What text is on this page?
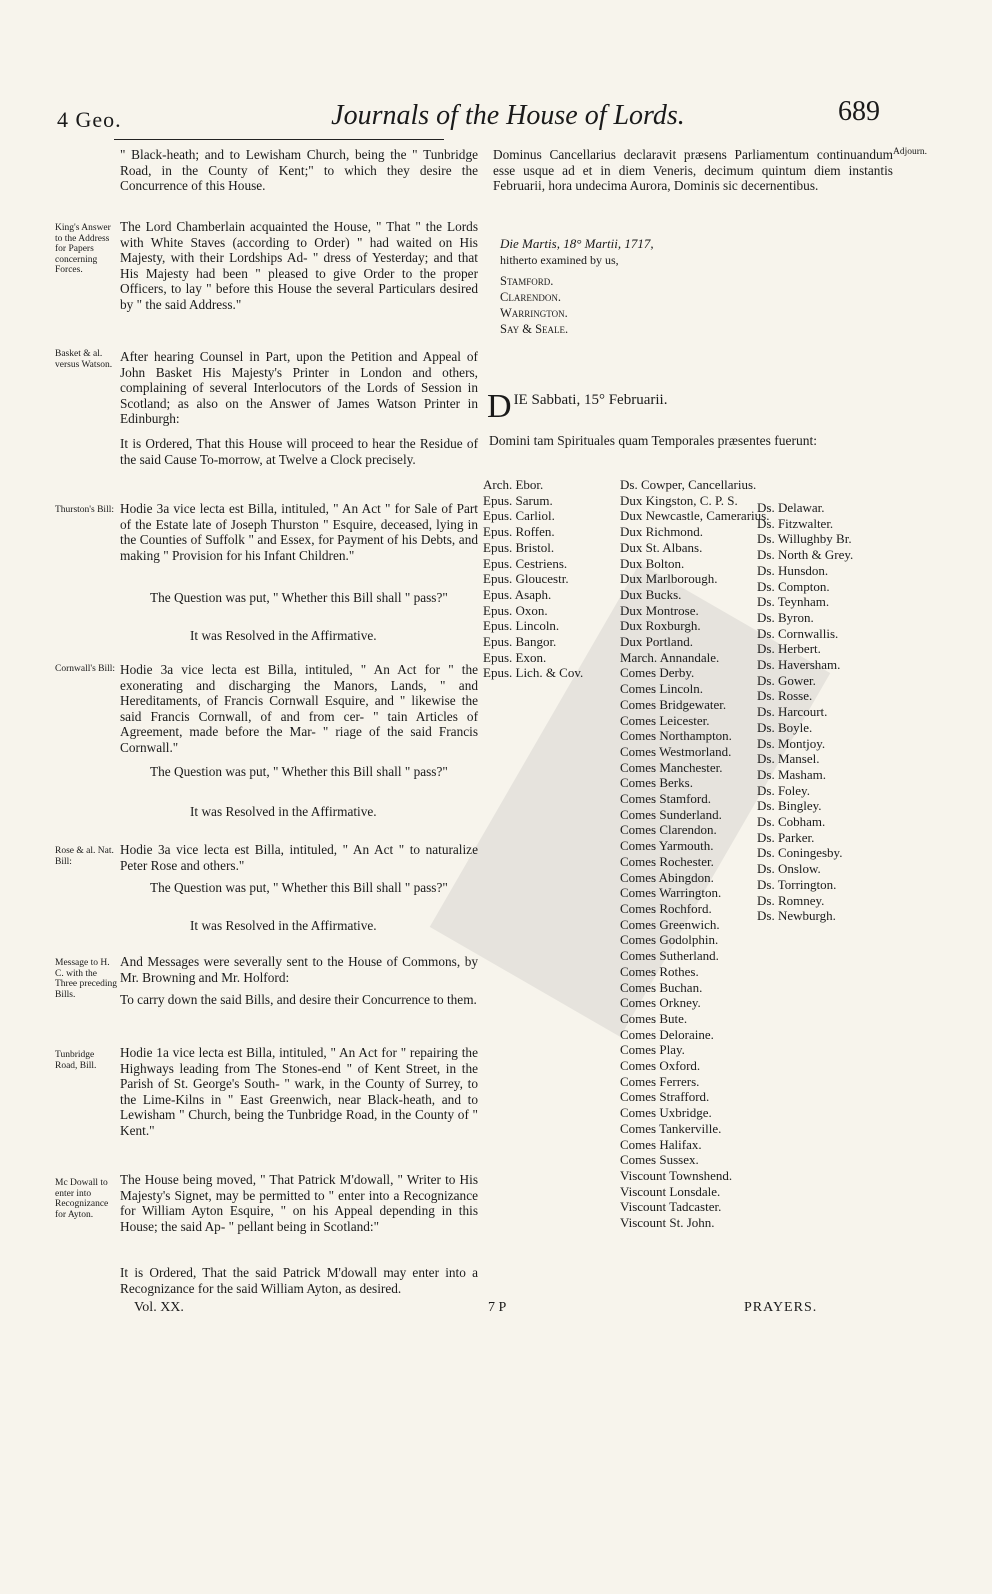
4 Geo.	Journals of the House of Lords.	689

" Black-heath; and to Lewisham Church, being the " Tunbridge Road, in the County of Kent;" to which they desire the Concurrence of this House.

The Lord Chamberlain acquainted the House, " That " the Lords with White Staves (according to Order) " had waited on His Majesty, with their Lordships Ad- " dress of Yesterday; and that His Majesty had been " pleased to give Order to the proper Officers, to lay " before this House the several Particulars desired by " the said Address."

After hearing Counsel in Part, upon the Petition and Appeal of John Basket His Majesty's Printer in London and others, complaining of several Interlocutors of the Lords of Session in Scotland; as also on the Answer of James Watson Printer in Edinburgh:

It is Ordered, That this House will proceed to hear the Residue of the said Cause To-morrow, at Twelve a Clock precisely.

Hodie 3a vice lecta est Billa, intituled, " An Act " for Sale of Part of the Estate late of Joseph Thurston " Esquire, deceased, lying in the Counties of Suffolk " and Essex, for Payment of his Debts, and making " Provision for his Infant Children."

The Question was put, " Whether this Bill shall " pass?"

It was Resolved in the Affirmative.

Hodie 3a vice lecta est Billa, intituled, " An Act for " the exonerating and discharging the Manors, Lands, " and Hereditaments, of Francis Cornwall Esquire, and " likewise the said Francis Cornwall, of and from cer- " tain Articles of Agreement, made before the Mar- " riage of the said Francis Cornwall."

The Question was put, " Whether this Bill shall " pass?"

It was Resolved in the Affirmative.

Hodie 3a vice lecta est Billa, intituled, " An Act " to naturalize Peter Rose and others."

The Question was put, " Whether this Bill shall " pass?"

It was Resolved in the Affirmative.

And Messages were severally sent to the House of Commons, by Mr. Browning and Mr. Holford:

To carry down the said Bills, and desire their Concurrence to them.

Hodie 1a vice lecta est Billa, intituled, " An Act for " repairing the Highways leading from The Stones-end " of Kent Street, in the Parish of St. George's South- " wark, in the County of Surrey, to the Lime-Kilns in " East Greenwich, near Black-heath, and to Lewisham " Church, being the Tunbridge Road, in the County of " Kent."

The House being moved, " That Patrick M'dowall, " Writer to His Majesty's Signet, may be permitted to " enter into a Recognizance for William Ayton Esquire, " on his Appeal depending in this House; the said Ap- " pellant being in Scotland:"

It is Ordered, That the said Patrick M'dowall may enter into a Recognizance for the said William Ayton, as desired.

King's Answer to the Address for Papers concerning Forces.
Basket & al. versus Watson.
Thurston's Bill:
Cornwall's Bill:
Rose & al. Nat. Bill:
Message to H. C. with the Three preceding Bills.
Tunbridge Road, Bill.
Mc Dowall to enter into Recognizance for Ayton.

Dominus Cancellarius declaravit præsens Parliamentum continuandum esse usque ad et in diem Veneris, decimum quintum diem instantis Februarii, hora undecima Aurora, Dominis sic decernentibus.

Adjourn.
Die Martis, 18° Martii, 1717,
hitherto examined by us,
Stamford.
Clarendon.
Warrington.
Say & Seale.
D IE Sabbati, 15° Februarii.
Domini tam Spirituales quam Temporales præsentes fuerunt:
Arch. Ebor.
Epus. Sarum.
Epus. Carliol.
Epus. Roffen.
Epus. Bristol.
Epus. Cestriens.
Epus. Gloucestr.
Epus. Asaph.
Epus. Oxon.
Epus. Lincoln.
Epus. Bangor.
Epus. Exon.
Epus. Lich. & Cov.
Ds. Cowper, Cancellarius.
Dux Kingston, C. P. S.
Dux Newcastle, Camerarius.
Dux Richmond.
Dux St. Albans.
Dux Bolton.
Dux Marlborough.
Dux Bucks.
Dux Montrose.
Dux Roxburgh.
Dux Portland.
March. Annandale.
Comes Derby.
Comes Lincoln.
Comes Bridgewater.
Comes Leicester.
Comes Northampton.
Comes Westmorland.
Comes Manchester.
Comes Berks.
Comes Stamford.
Comes Sunderland.
Comes Clarendon.
Comes Yarmouth.
Comes Rochester.
Comes Abingdon.
Comes Warrington.
Comes Rochford.
Comes Greenwich.
Comes Godolphin.
Comes Sutherland.
Comes Rothes.
Comes Buchan.
Comes Orkney.
Comes Bute.
Comes Deloraine.
Comes Play.
Comes Oxford.
Comes Ferrers.
Comes Strafford.
Comes Uxbridge.
Comes Tankerville.
Comes Halifax.
Comes Sussex.
Viscount Townshend.
Viscount Lonsdale.
Viscount Tadcaster.
Viscount St. John.
Ds. Delawar.
Ds. Fitzwalter.
Ds. Willughby Br.
Ds. North & Grey.
Ds. Hunsdon.
Ds. Compton.
Ds. Teynham.
Ds. Byron.
Ds. Cornwallis.
Ds. Herbert.
Ds. Haversham.
Ds. Gower.
Ds. Rosse.
Ds. Harcourt.
Ds. Boyle.
Ds. Montjoy.
Ds. Mansel.
Ds. Masham.
Ds. Foley.
Ds. Bingley.
Ds. Cobham.
Ds. Parker.
Ds. Coningesby.
Ds. Onslow.
Ds. Torrington.
Ds. Romney.
Ds. Newburgh.
Vol. XX.	7 P	PRAYERS.
